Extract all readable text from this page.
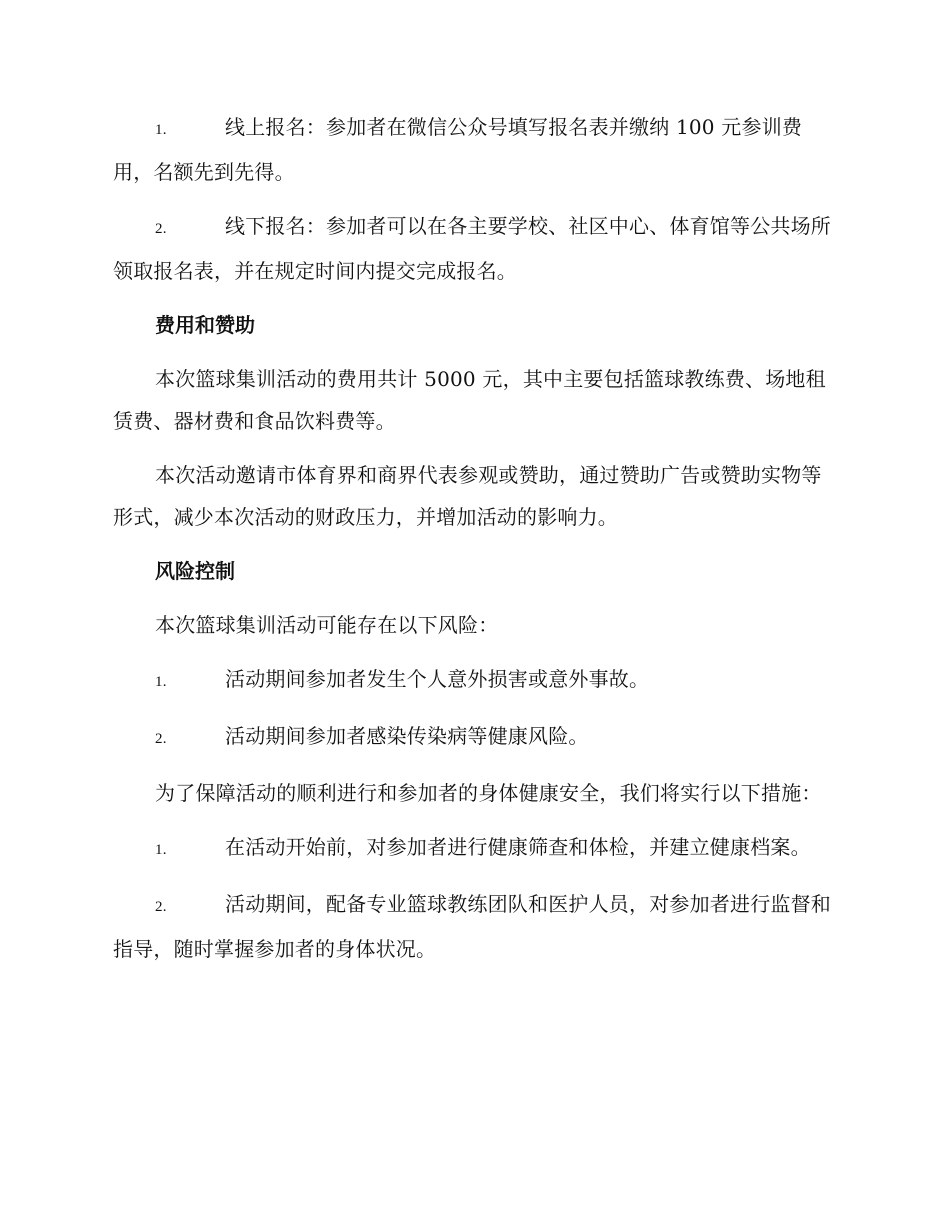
1.	线上报名：参加者在微信公众号填写报名表并缴纳 100 元参训费用，名额先到先得。

2.	线下报名：参加者可以在各主要学校、社区中心、体育馆等公共场所领取报名表，并在规定时间内提交完成报名。

费用和赞助

本次篮球集训活动的费用共计 5000 元，其中主要包括篮球教练费、场地租赁费、器材费和食品饮料费等。

本次活动邀请市体育界和商界代表参观或赞助，通过赞助广告或赞助实物等形式，减少本次活动的财政压力，并增加活动的影响力。

风险控制

本次篮球集训活动可能存在以下风险：

1.	活动期间参加者发生个人意外损害或意外事故。

2.	活动期间参加者感染传染病等健康风险。

为了保障活动的顺利进行和参加者的身体健康安全，我们将实行以下措施：

1.	在活动开始前，对参加者进行健康筛查和体检，并建立健康档案。

2.	活动期间，配备专业篮球教练团队和医护人员，对参加者进行监督和指导，随时掌握参加者的身体状况。
